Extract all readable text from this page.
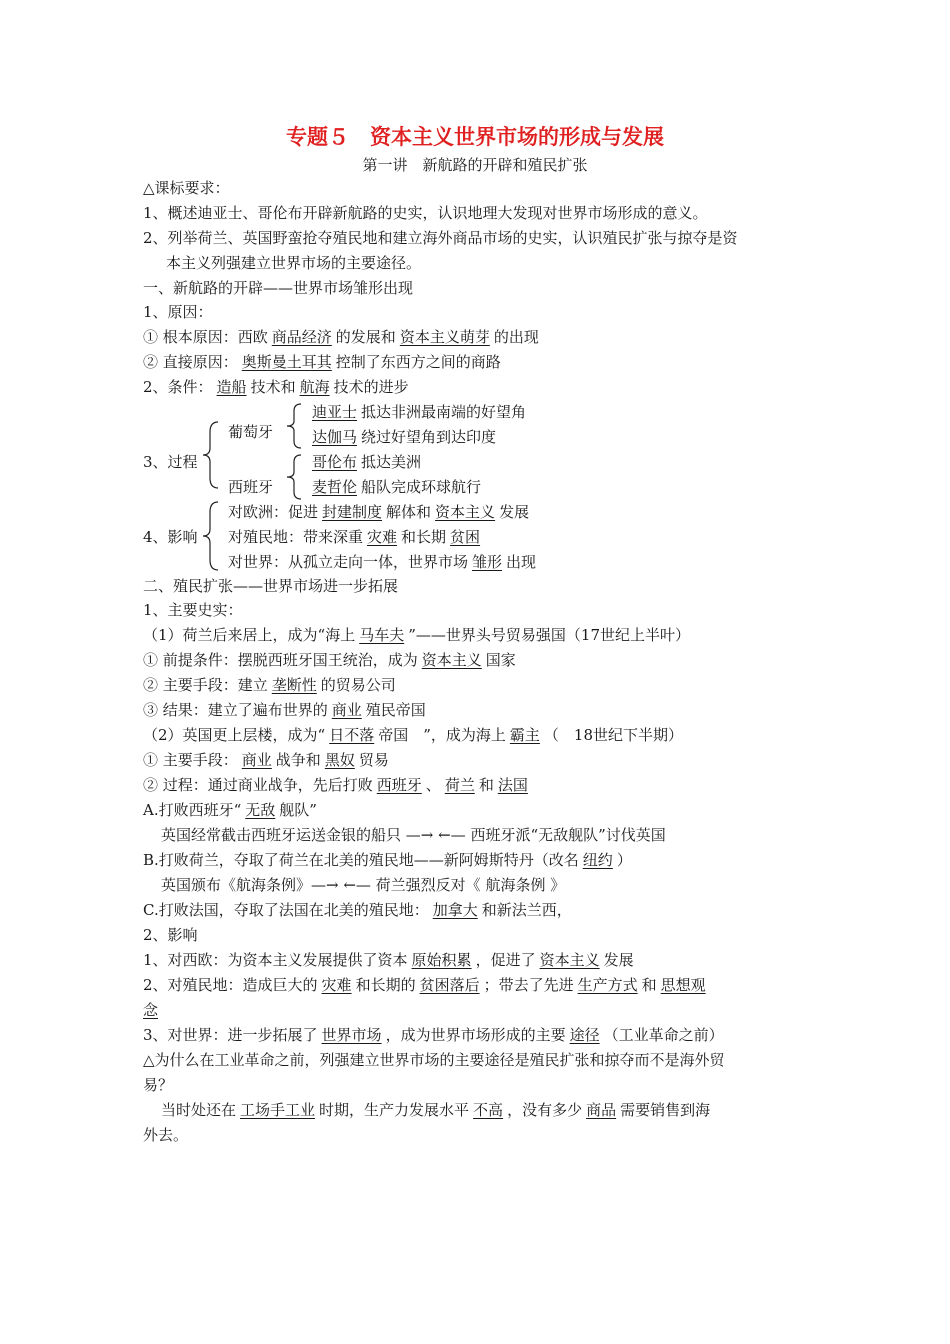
专题５　资本主义世界市场的形成与发展
第一讲　新航路的开辟和殖民扩张
△课标要求：
1、概述迪亚士、哥伦布开辟新航路的史实，认识地理大发现对世界市场形成的意义。
2、列举荷兰、英国野蛮抢夺殖民地和建立海外商品市场的史实，认识殖民扩张与掠夺是资
本主义列强建立世界市场的主要途径。
一、新航路的开辟——世界市场雏形出现
1、原因：
① 根本原因：西欧 商品经济 的发展和 资本主义萌芽 的出现
② 直接原因： 奥斯曼土耳其 控制了东西方之间的商路
2、条件： 造船 技术和 航海 技术的进步
3、过程
葡萄牙
西班牙
迪亚士 抵达非洲最南端的好望角
达伽马 绕过好望角到达印度
哥伦布 抵达美洲
麦哲伦 船队完成环球航行
4、影响
对欧洲：促进 封建制度 解体和 资本主义 发展
对殖民地：带来深重 灾难 和长期 贫困
对世界：从孤立走向一体，世界市场 雏形 出现
二、殖民扩张——世界市场进一步拓展
1、主要史实：
（1）荷兰后来居上，成为“海上 马车夫 ”——世界头号贸易强国（17世纪上半叶）
① 前提条件：摆脱西班牙国王统治，成为 资本主义 国家
② 主要手段：建立 垄断性 的贸易公司
③ 结果：建立了遍布世界的 商业 殖民帝国
（2）英国更上层楼，成为“ 日不落 帝国　”，成为海上 霸主 （　18世纪下半期）
① 主要手段： 商业 战争和 黑奴 贸易
② 过程：通过商业战争，先后打败 西班牙 、 荷兰 和 法国
A.打败西班牙“ 无敌 舰队”
英国经常截击西班牙运送金银的船只 —→ ←— 西班牙派“无敌舰队”讨伐英国
B.打败荷兰，夺取了荷兰在北美的殖民地——新阿姆斯特丹（改名 纽约 ）
英国颁布《航海条例》—→ ←— 荷兰强烈反对《 航海条例 》
C.打败法国，夺取了法国在北美的殖民地： 加拿大 和新法兰西，
2、影响
1、对西欧：为资本主义发展提供了资本 原始积累 ，促进了 资本主义 发展
2、对殖民地：造成巨大的 灾难 和长期的 贫困落后 ；带去了先进 生产方式 和 思想观
念
3、对世界：进一步拓展了 世界市场 ，成为世界市场形成的主要 途径 （工业革命之前）
△为什么在工业革命之前，列强建立世界市场的主要途径是殖民扩张和掠夺而不是海外贸
易？
当时处还在 工场手工业 时期，生产力发展水平 不高 ，没有多少 商品 需要销售到海
外去。
